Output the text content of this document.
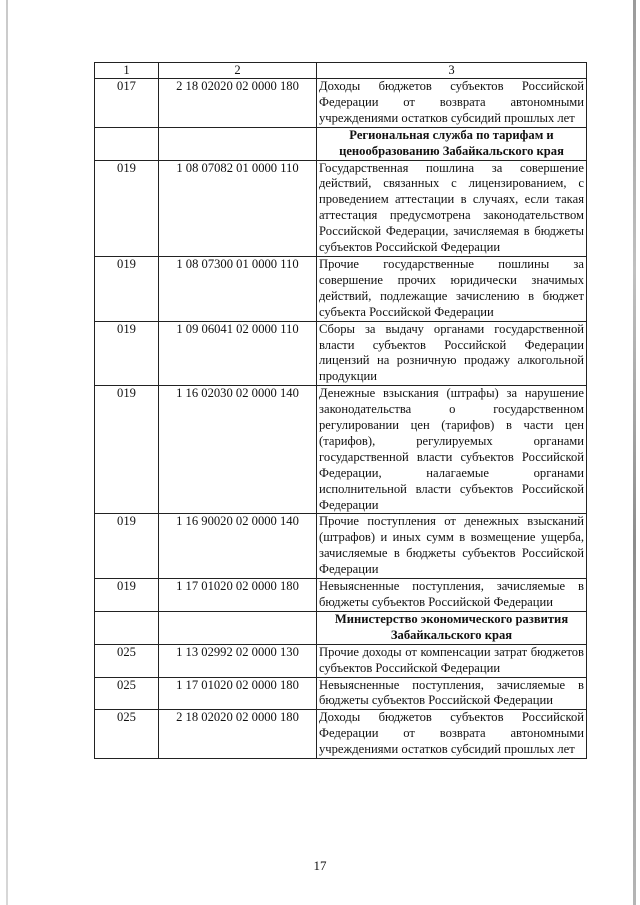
1	2	3
017	2 18 02020 02 0000 180	Доходы бюджетов субъектов Российской Федерации от возврата автономными учреждениями остатков субсидий прошлых лет
		Региональная служба по тарифам и ценообразованию Забайкальского края
019	1 08 07082 01 0000 110	Государственная пошлина за совершение действий, связанных с лицензированием, с проведением аттестации в случаях, если такая аттестация предусмотрена законодательством Российской Федерации, зачисляемая в бюджеты субъектов Российской Федерации
019	1 08 07300 01 0000 110	Прочие государственные пошлины за совершение прочих юридически значимых действий, подлежащие зачислению в бюджет субъекта Российской Федерации
019	1 09 06041 02 0000 110	Сборы за выдачу органами государственной власти субъектов Российской Федерации лицензий на розничную продажу алкогольной продукции
019	1 16 02030 02 0000 140	Денежные взыскания (штрафы) за нарушение законодательства о государственном регулировании цен (тарифов) в части цен (тарифов), регулируемых органами государственной власти субъектов Российской Федерации, налагаемые органами исполнительной власти субъектов Российской Федерации
019	1 16 90020 02 0000 140	Прочие поступления от денежных взысканий (штрафов) и иных сумм в возмещение ущерба, зачисляемые в бюджеты субъектов Российской Федерации
019	1 17 01020 02 0000 180	Невыясненные поступления, зачисляемые в бюджеты субъектов Российской Федерации
		Министерство экономического развития Забайкальского края
025	1 13 02992 02 0000 130	Прочие доходы от компенсации затрат бюджетов субъектов Российской Федерации
025	1 17 01020 02 0000 180	Невыясненные поступления, зачисляемые в бюджеты субъектов Российской Федерации
025	2 18 02020 02 0000 180	Доходы бюджетов субъектов Российской Федерации от возврата автономными учреждениями остатков субсидий прошлых лет
17
